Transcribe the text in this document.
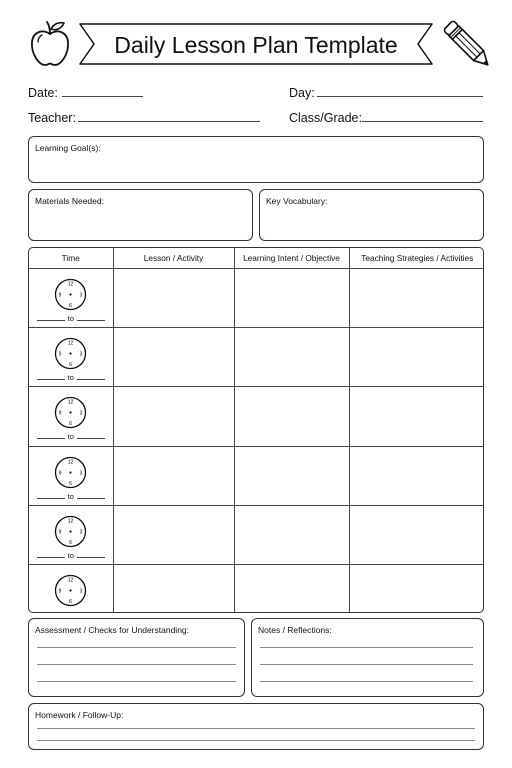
Daily Lesson Plan Template
Date:	Day:
Teacher:	Class/Grade:
Learning Goal(s):
Materials Needed:	Key Vocabulary:
Time	Lesson / Activity	Learning Intent / Objective	Teaching Strategies / Activities

12
3
6
9
to			

12
3
6
9
to			

12
3
6
9
to			

12
3
6
9
to			

12
3
6
9
to			

12
3
6
9			

Assessment / Checks for Understanding:	Notes / Reflections:
Homework / Follow-Up:
